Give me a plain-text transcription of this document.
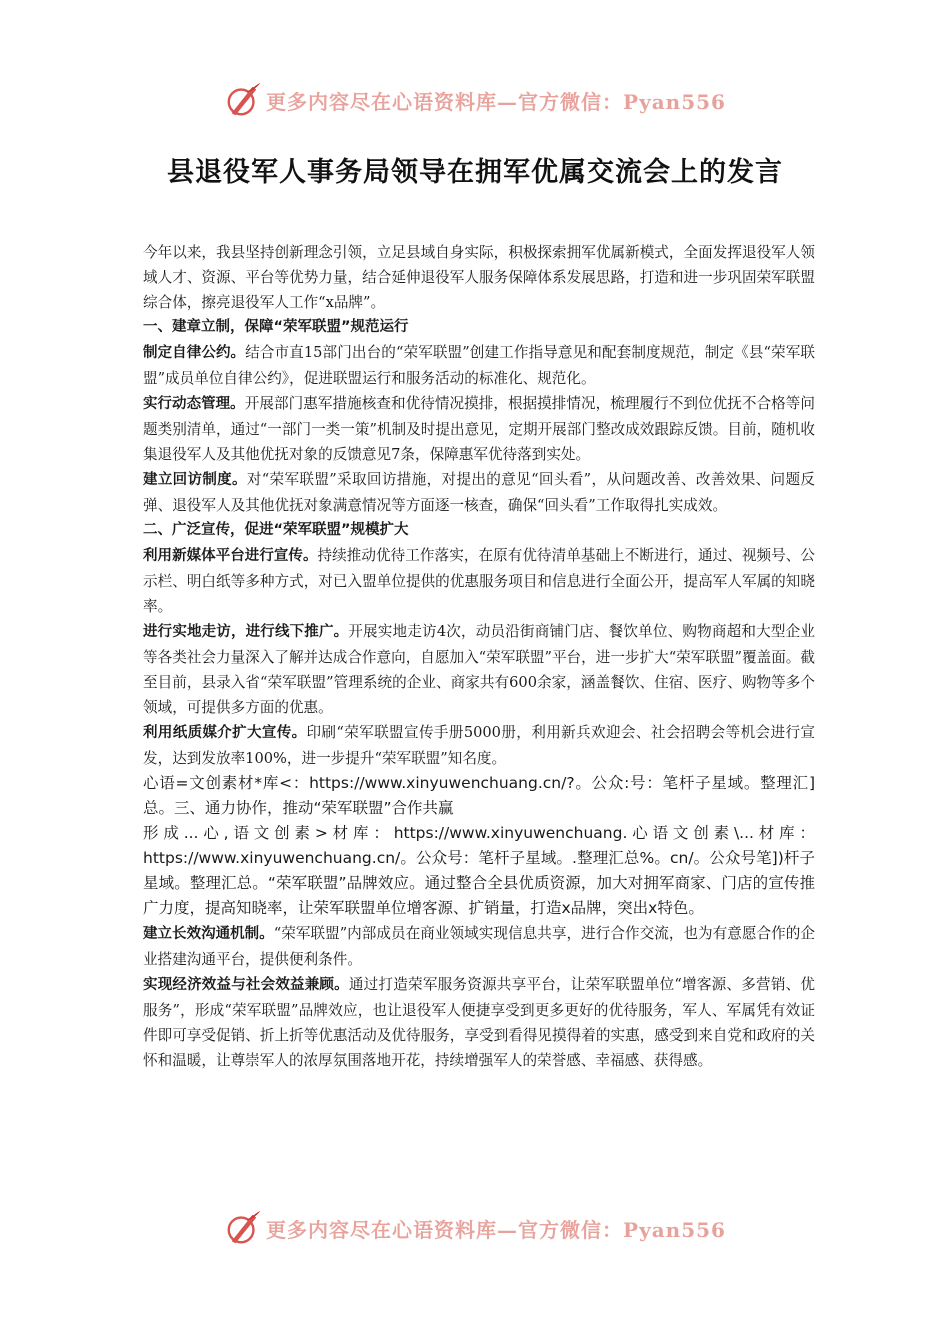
更多内容尽在心语资料库—官方微信：Pyan556
县退役军人事务局领导在拥军优属交流会上的发言

今年以来，我县坚持创新理念引领，立足县域自身实际，积极探索拥军优属新模式，全面发挥退役军人领域人才、资源、平台等优势力量，结合延伸退役军人服务保障体系发展思路，打造和进一步巩固荣军联盟综合体，擦亮退役军人工作“x品牌”。

一、建章立制，保障“荣军联盟”规范运行

制定自律公约。结合市直15部门出台的“荣军联盟”创建工作指导意见和配套制度规范，制定《县“荣军联盟”成员单位自律公约》，促进联盟运行和服务活动的标准化、规范化。

实行动态管理。开展部门惠军措施核查和优待情况摸排，根据摸排情况，梳理履行不到位优抚不合格等问题类别清单，通过“一部门一类一策”机制及时提出意见，定期开展部门整改成效跟踪反馈。目前，随机收集退役军人及其他优抚对象的反馈意见7条，保障惠军优待落到实处。

建立回访制度。对“荣军联盟”采取回访措施，对提出的意见“回头看”，从问题改善、改善效果、问题反弹、退役军人及其他优抚对象满意情况等方面逐一核查，确保“回头看”工作取得扎实成效。

二、广泛宣传，促进“荣军联盟”规模扩大

利用新媒体平台进行宣传。持续推动优待工作落实，在原有优待清单基础上不断进行，通过、视频号、公示栏、明白纸等多种方式，对已入盟单位提供的优惠服务项目和信息进行全面公开，提高军人军属的知晓率。

进行实地走访，进行线下推广。开展实地走访4次，动员沿街商铺门店、餐饮单位、购物商超和大型企业等各类社会力量深入了解并达成合作意向，自愿加入“荣军联盟”平台，进一步扩大“荣军联盟”覆盖面。截至目前，县录入省“荣军联盟”管理系统的企业、商家共有600余家，涵盖餐饮、住宿、医疗、购物等多个领域，可提供多方面的优惠。

利用纸质媒介扩大宣传。印刷“荣军联盟宣传手册5000册，利用新兵欢迎会、社会招聘会等机会进行宣发，达到发放率100%，进一步提升“荣军联盟”知名度。

心语=文创素材*库<：https://www.xinyuwenchuang.cn/?。公众:号：笔杆子星域。整理汇]总。三、通力协作，推动“荣军联盟”合作共赢

形成...心,语文创素>材库：https://www.xinyuwenchuang.心语文创素\...材库：https://www.xinyuwenchuang.cn/。公众号：笔杆子星域。.整理汇总%。cn/。公众号笔])杆子星域。整理汇总。“荣军联盟”品牌效应。通过整合全县优质资源，加大对拥军商家、门店的宣传推广力度，提高知晓率，让荣军联盟单位增客源、扩销量，打造x品牌，突出x特色。

建立长效沟通机制。“荣军联盟”内部成员在商业领域实现信息共享，进行合作交流，也为有意愿合作的企业搭建沟通平台，提供便利条件。

实现经济效益与社会效益兼顾。通过打造荣军服务资源共享平台，让荣军联盟单位“增客源、多营销、优服务”，形成“荣军联盟”品牌效应，也让退役军人便捷享受到更多更好的优待服务，军人、军属凭有效证件即可享受促销、折上折等优惠活动及优待服务，享受到看得见摸得着的实惠，感受到来自党和政府的关怀和温暖，让尊崇军人的浓厚氛围落地开花，持续增强军人的荣誉感、幸福感、获得感。

更多内容尽在心语资料库—官方微信：Pyan556
